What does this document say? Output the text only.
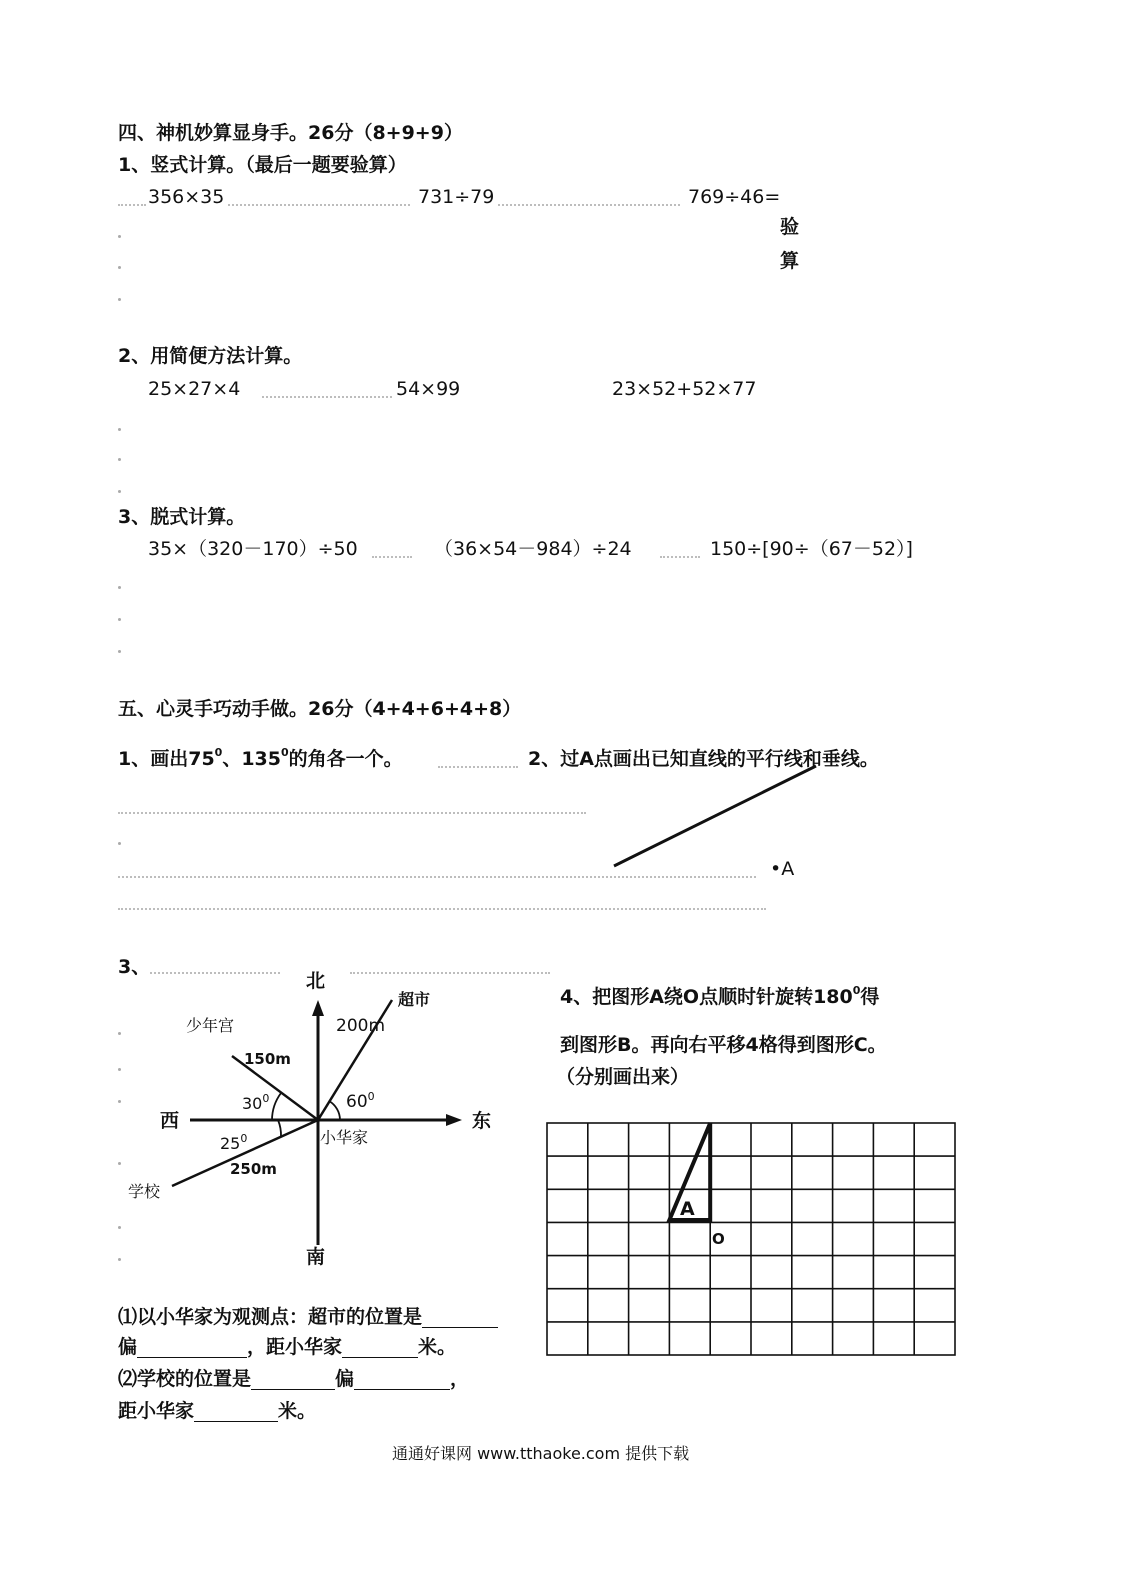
四、神机妙算显身手。26分（8+9+9）
1、竖式计算。（最后一题要验算）
356×35	731÷79	769÷46=
验
算
2、用简便方法计算。
25×27×4	54×99	23×52+52×77
3、脱式计算。
35×（320－170）÷50	（36×54－984）÷24	150÷[90÷（67－52）]
五、心灵手巧动手做。26分（4+4+6+4+8）
1、画出$75^0$、$135^0$的角各一个。	2、过A点画出已知直线的平行线和垂线。
•A
3、
北
南
东
西
超市
200m
少年宫
150m
学校
250m
小华家
$60^0$
$30^0$
$25^0$
⑴以小华家为观测点：超市的位置是
偏	，距小华家	米。
⑵学校的位置是	偏	，
距小华家	米。
4、把图形A绕O点顺时针旋转$180^0$得
到图形B。再向右平移4格得到图形C。
（分别画出来）
A
O
通通好课网 www.tthaoke.com 提供下载
